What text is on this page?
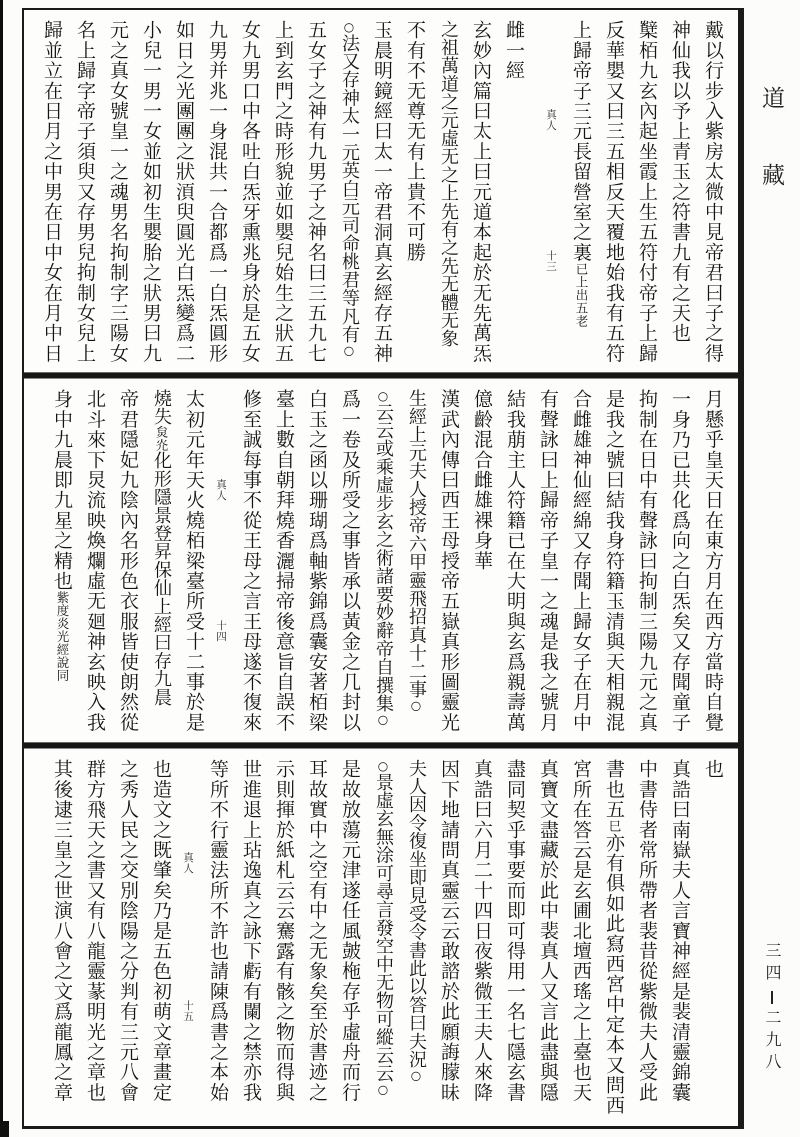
戴以行步入紫房太微中見帝君曰子之得
神仙我以予上青玉之符書九有之天也
櫱栢九玄內起坐霞上生五符付帝子上歸
反華嬰又曰三五相反天覆地始我有五符
上歸帝子三元長留營室之裏已上出五老
真人
十三
雌一經
玄妙內篇曰太上曰元道本起於无先萬炁
之祖萬道之元虛无之上先有之先无體无象
不有不无尊无有上貴不可勝
玉晨明鏡經曰太一帝君洞真玄經存五神
○法又存神太一元英白元司命桃君等凡有○
五女子之神有九男子之神名曰三五九七
上到玄門之時形貌並如嬰兒始生之狀五
女九男口中各吐白炁牙熏兆身於是五女
九男并兆一身混共一合都爲一白炁圓形
如日之光團團之狀湏臾圓光白炁變爲二
小兒一男一女並如初生嬰胎之狀男曰九
元之真女號皇一之魂男名拘制字三陽女
名上歸字帝子須臾又存男兒拘制女兒上
歸並立在日月之中男在日中女在月中日
月懸乎皇天日在東方月在西方當時自覺
一身乃已共化爲向之白炁矣又存聞童子
拘制在日中有聲詠曰拘制三陽九元之真
是我之號曰結我身符籍玉清與天相親混
合雌雄神仙經綿又存聞上歸女子在月中
有聲詠曰上歸帝子皇一之魂是我之號月
結我萠主人符籍已在大明與玄爲親壽萬
億齡混合雌雄裸身華
漢武內傳曰西王母授帝五嶽真形圖靈光
生經上元夫人授帝六甲靈飛招真十二事○
○云云或乘虛步玄之術諸要妙辭帝自撰集○
爲一卷及所受之事皆承以黃金之几封以
白玉之函以珊瑚爲軸紫錦爲囊安著栢梁
臺上數自朝拜燒香灑掃帝後意旨自誤不
修至誠每事不從王母之言王母遂不復來
真人
十四
太初元年天火燒栢梁臺所受十二事於是
燒失炱灮化形隱景登昇保仙上經曰存九晨
帝君隱妃九陰內名形色衣服皆使朗然從
北斗來下炅流映煥爛虛无廻神玄映入我
身中九晨即九星之精也紫度炎光經說同
也
真誥曰南嶽夫人言寶神經是裴清靈錦囊
中書侍者常所帶者裴昔從紫微夫人受此
書也五巳亦有俱如此寫西宮中定本又問西
宮所在答云是玄圃北壇西瑤之上臺也天
真寶文盡藏於此中裴真人又言此盡與隱
盡同契乎事要而即可得用一名七隱玄書
真誥曰六月二十四日夜紫微王夫人來降
因下地請問真靈云云敢諮於此願誨朦昧
夫人因令復坐即見受令書此以答曰夫況○
○景虛玄無涂可尋言發空中无物可縱云云○
是故放蕩元津遂任風皷柂存乎虛舟而行
耳故實中之空有中之无象矣至於書迹之
示則揮於紙札云云騫露有骸之物而得與
世進退上玷逸真之詠下虧有闌之禁亦我
等所不行靈法所不許也請陳爲書之本始
真人
十五
也造文之既肇矣乃是五色初萌文章畫定
之秀人民之交別陰陽之分判有三元八會
群方飛天之書又有八龍靈蒃明光之章也
其後逮三皇之世演八會之文爲龍鳳之章
道藏
三四二九八
